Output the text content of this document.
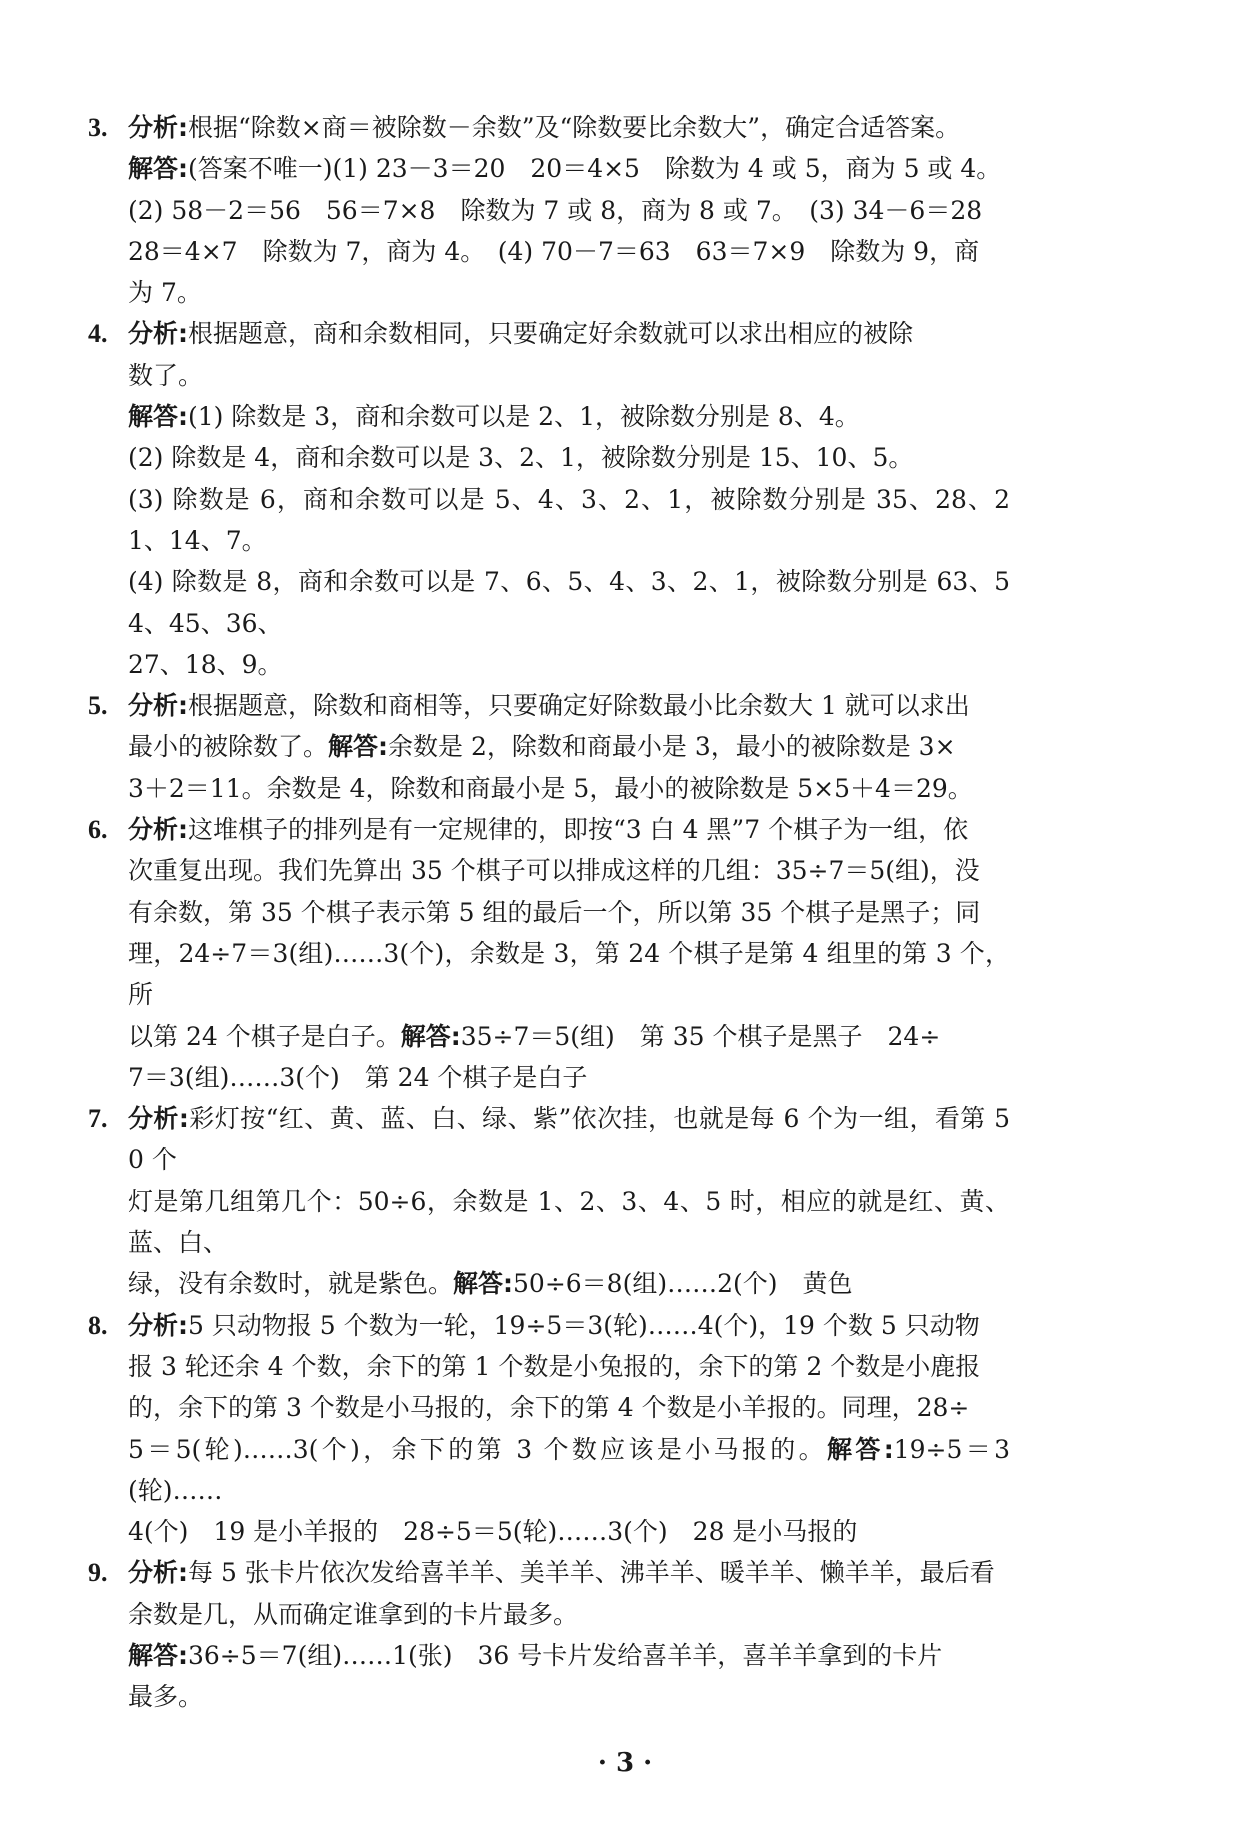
3. 分析:根据“除数×商＝被除数－余数”及“除数要比余数大”，确定合适答案。
解答:(答案不唯一)(1) 23－3＝20　20＝4×5　除数为 4 或 5，商为 5 或 4。
(2) 58－2＝56　56＝7×8　除数为 7 或 8，商为 8 或 7。　(3) 34－6＝28
28＝4×7　除数为 7，商为 4。　(4) 70－7＝63　63＝7×9　除数为 9，商
为 7。
4. 分析:根据题意，商和余数相同，只要确定好余数就可以求出相应的被除
数了。
解答:(1) 除数是 3，商和余数可以是 2、1，被除数分别是 8、4。
(2) 除数是 4，商和余数可以是 3、2、1，被除数分别是 15、10、5。
(3) 除数是 6，商和余数可以是 5、4、3、2、1，被除数分别是 35、28、21、14、7。
(4) 除数是 8，商和余数可以是 7、6、5、4、3、2、1，被除数分别是 63、54、45、36、
27、18、9。
5. 分析:根据题意，除数和商相等，只要确定好除数最小比余数大 1 就可以求出
最小的被除数了。解答:余数是 2，除数和商最小是 3，最小的被除数是 3×
3＋2＝11。余数是 4，除数和商最小是 5，最小的被除数是 5×5＋4＝29。
6. 分析:这堆棋子的排列是有一定规律的，即按“3 白 4 黑”7 个棋子为一组，依
次重复出现。我们先算出 35 个棋子可以排成这样的几组：35÷7＝5(组)，没
有余数，第 35 个棋子表示第 5 组的最后一个，所以第 35 个棋子是黑子；同
理，24÷7＝3(组)……3(个)，余数是 3，第 24 个棋子是第 4 组里的第 3 个，所
以第 24 个棋子是白子。解答:35÷7＝5(组)　第 35 个棋子是黑子　24÷
7＝3(组)……3(个)　第 24 个棋子是白子
7. 分析:彩灯按“红、黄、蓝、白、绿、紫”依次挂，也就是每 6 个为一组，看第 50 个
灯是第几组第几个：50÷6，余数是 1、2、3、4、5 时，相应的就是红、黄、蓝、白、
绿，没有余数时，就是紫色。解答:50÷6＝8(组)……2(个)　黄色
8. 分析:5 只动物报 5 个数为一轮，19÷5＝3(轮)……4(个)，19 个数 5 只动物
报 3 轮还余 4 个数，余下的第 1 个数是小兔报的，余下的第 2 个数是小鹿报
的，余下的第 3 个数是小马报的，余下的第 4 个数是小羊报的。同理，28÷
5＝5(轮)……3(个)，余下的第 3 个数应该是小马报的。解答:19÷5＝3(轮)……
4(个)　19 是小羊报的　28÷5＝5(轮)……3(个)　28 是小马报的
9. 分析:每 5 张卡片依次发给喜羊羊、美羊羊、沸羊羊、暖羊羊、懒羊羊，最后看
余数是几，从而确定谁拿到的卡片最多。
解答:36÷5＝7(组)……1(张)　36 号卡片发给喜羊羊，喜羊羊拿到的卡片
最多。
· 3 ·
